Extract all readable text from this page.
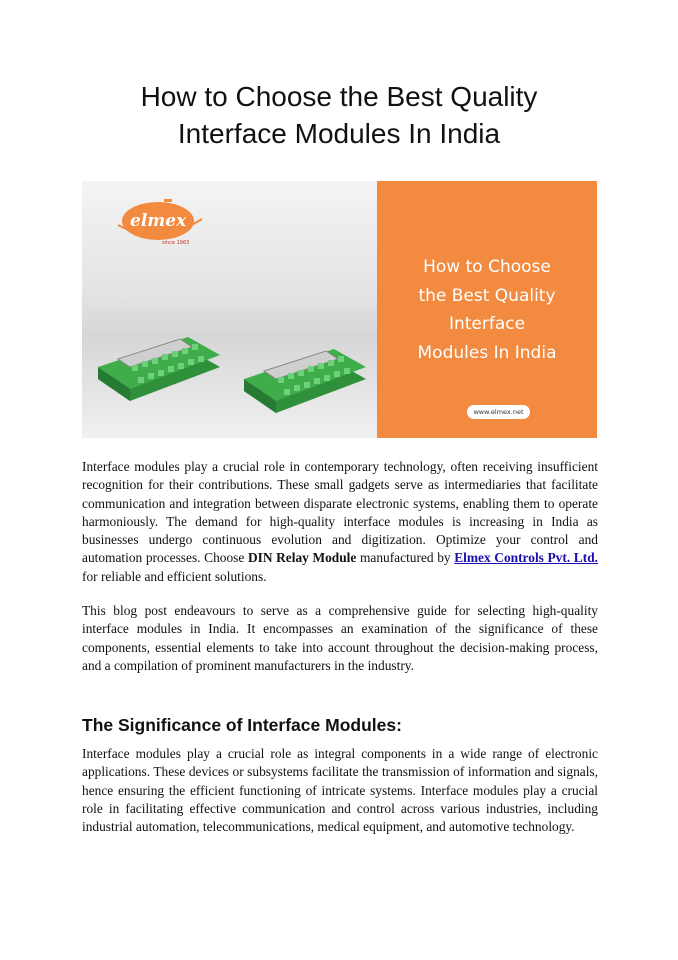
How to Choose the Best Quality
Interface Modules In India
elmex
since 1963
How to Choose
the Best Quality
Interface
Modules In India
www.elmex.net

Interface modules play a crucial role in contemporary technology, often receiving insufficient recognition for their contributions. These small gadgets serve as intermediaries that facilitate communication and integration between disparate electronic systems, enabling them to operate harmoniously. The demand for high-quality interface modules is increasing in India as businesses undergo continuous evolution and digitization. Optimize your control and automation processes. Choose DIN Relay Module manufactured by Elmex Controls Pvt. Ltd. for reliable and efficient solutions.

This blog post endeavours to serve as a comprehensive guide for selecting high-quality interface modules in India. It encompasses an examination of the significance of these components, essential elements to take into account throughout the decision-making process, and a compilation of prominent manufacturers in the industry.

The Significance of Interface Modules:

Interface modules play a crucial role as integral components in a wide range of electronic applications. These devices or subsystems facilitate the transmission of information and signals, hence ensuring the efficient functioning of intricate systems. Interface modules play a crucial role in facilitating effective communication and control across various industries, including industrial automation, telecommunications, medical equipment, and automotive technology.
